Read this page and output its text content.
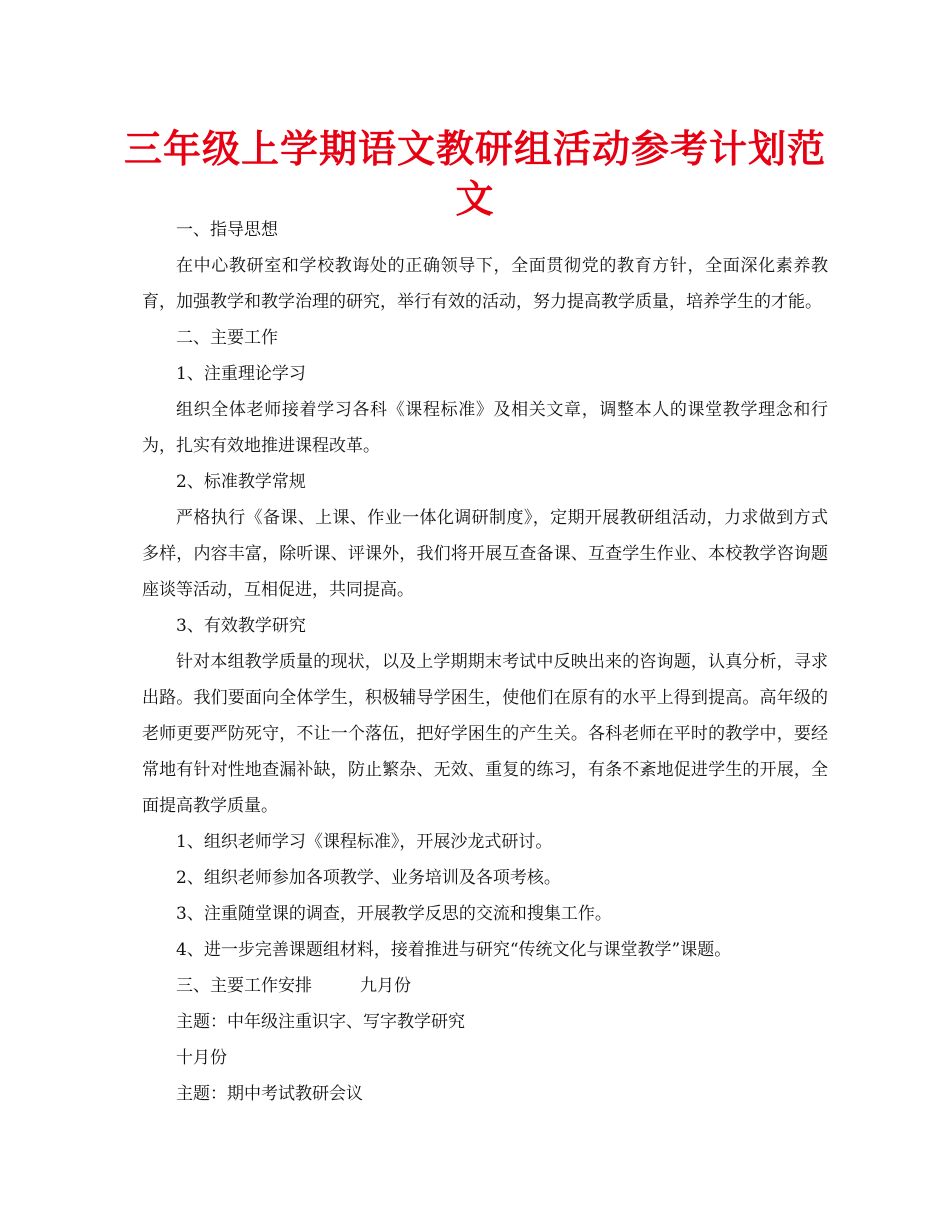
三年级上学期语文教研组活动参考计划范文

一、指导思想

在中心教研室和学校教诲处的正确领导下，全面贯彻党的教育方针，全面深化素养教育，加强教学和教学治理的研究，举行有效的活动，努力提高教学质量，培养学生的才能。

二、主要工作

1、注重理论学习

组织全体老师接着学习各科《课程标准》及相关文章，调整本人的课堂教学理念和行为，扎实有效地推进课程改革。

2、标准教学常规

严格执行《备课、上课、作业一体化调研制度》，定期开展教研组活动，力求做到方式多样，内容丰富，除听课、评课外，我们将开展互查备课、互查学生作业、本校教学咨询题座谈等活动，互相促进，共同提高。

3、有效教学研究

针对本组教学质量的现状，以及上学期期末考试中反映出来的咨询题，认真分析，寻求出路。我们要面向全体学生，积极辅导学困生，使他们在原有的水平上得到提高。高年级的老师更要严防死守，不让一个落伍，把好学困生的产生关。各科老师在平时的教学中，要经常地有针对性地查漏补缺，防止繁杂、无效、重复的练习，有条不紊地促进学生的开展，全面提高教学质量。

1、组织老师学习《课程标准》，开展沙龙式研讨。

2、组织老师参加各项教学、业务培训及各项考核。

3、注重随堂课的调查，开展教学反思的交流和搜集工作。

4、进一步完善课题组材料，接着推进与研究“传统文化与课堂教学”课题。

三、主要工作安排	九月份

主题：中年级注重识字、写字教学研究

十月份

主题：期中考试教研会议
